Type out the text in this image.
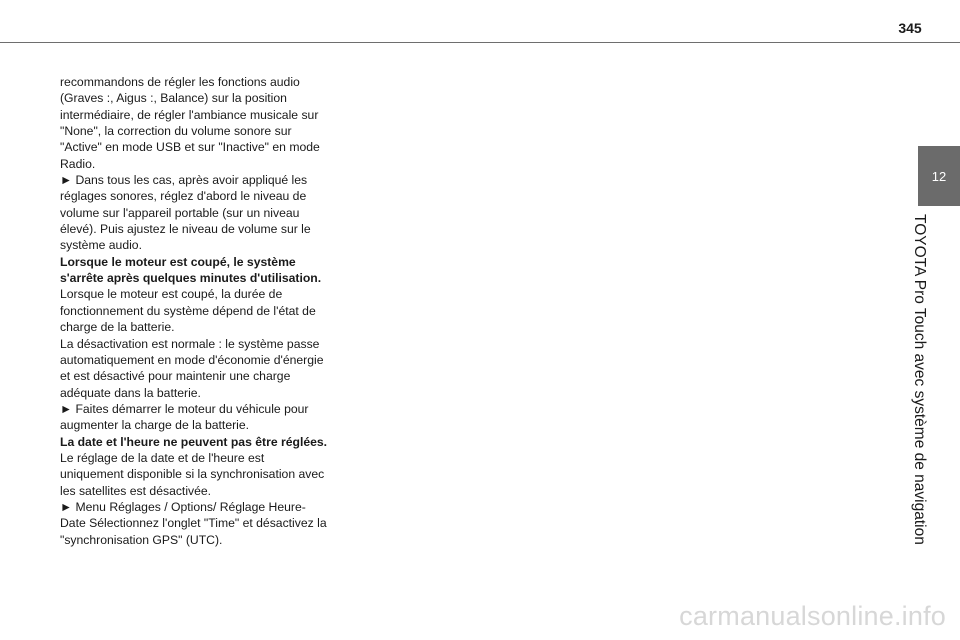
345
12
TOYOTA Pro Touch avec système de navigation

recommandons de régler les fonctions audio (Graves :, Aigus :, Balance) sur la position intermédiaire, de régler l'ambiance musicale sur "None", la correction du volume sonore sur "Active" en mode USB et sur "Inactive" en mode Radio.

► Dans tous les cas, après avoir appliqué les réglages sonores, réglez d'abord le niveau de volume sur l'appareil portable (sur un niveau élevé). Puis ajustez le niveau de volume sur le système audio.

Lorsque le moteur est coupé, le système s'arrête après quelques minutes d'utilisation.

Lorsque le moteur est coupé, la durée de fonctionnement du système dépend de l'état de charge de la batterie.

La désactivation est normale : le système passe automatiquement en mode d'économie d'énergie et est désactivé pour maintenir une charge adéquate dans la batterie.

► Faites démarrer le moteur du véhicule pour augmenter la charge de la batterie.

La date et l'heure ne peuvent pas être réglées.

Le réglage de la date et de l'heure est uniquement disponible si la synchronisation avec les satellites est désactivée.

► Menu Réglages / Options/ Réglage Heure-Date Sélectionnez l'onglet "Time" et désactivez la "synchronisation GPS" (UTC).

carmanualsonline.info
